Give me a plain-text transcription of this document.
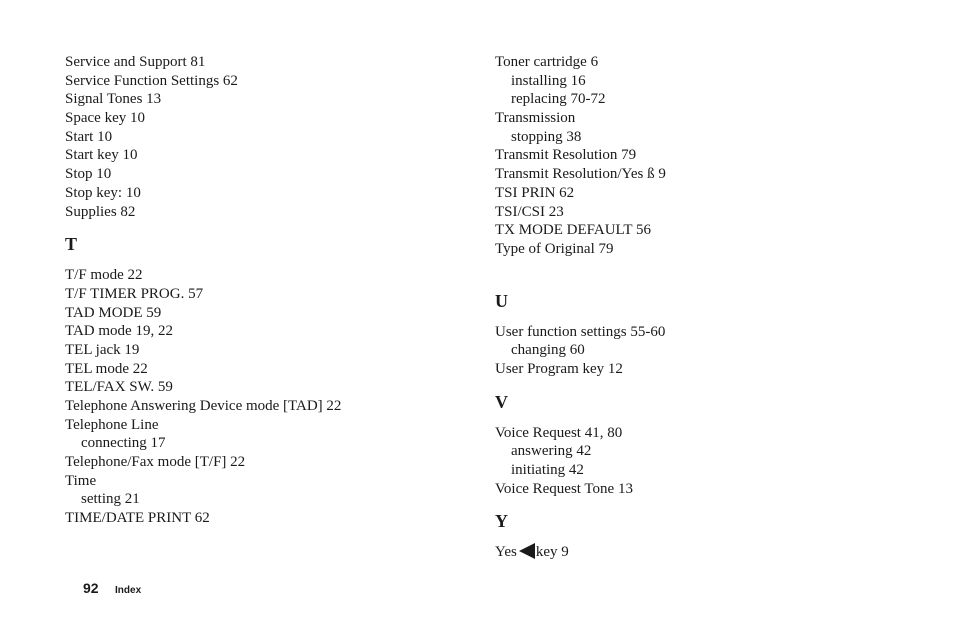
Service and Support 81
Service Function Settings 62
Signal Tones 13
Space key 10
Start 10
Start key 10
Stop 10
Stop key: 10
Supplies 82
T
T/F mode 22
T/F TIMER PROG. 57
TAD MODE 59
TAD mode 19, 22
TEL jack 19
TEL mode 22
TEL/FAX SW. 59
Telephone Answering Device mode [TAD] 22
Telephone Line
connecting 17
Telephone/Fax mode [T/F] 22
Time
setting 21
TIME/DATE PRINT 62
Toner cartridge 6
installing 16
replacing 70-72
Transmission
stopping 38
Transmit Resolution 79
Transmit Resolution/Yes ß 9
TSI PRIN 62
TSI/CSI 23
TX MODE DEFAULT 56
Type of Original 79
U
User function settings 55-60
changing 60
User Program key 12
V
Voice Request 41, 80
answering 42
initiating 42
Voice Request Tone 13
Y
Yes key 9
92 Index
